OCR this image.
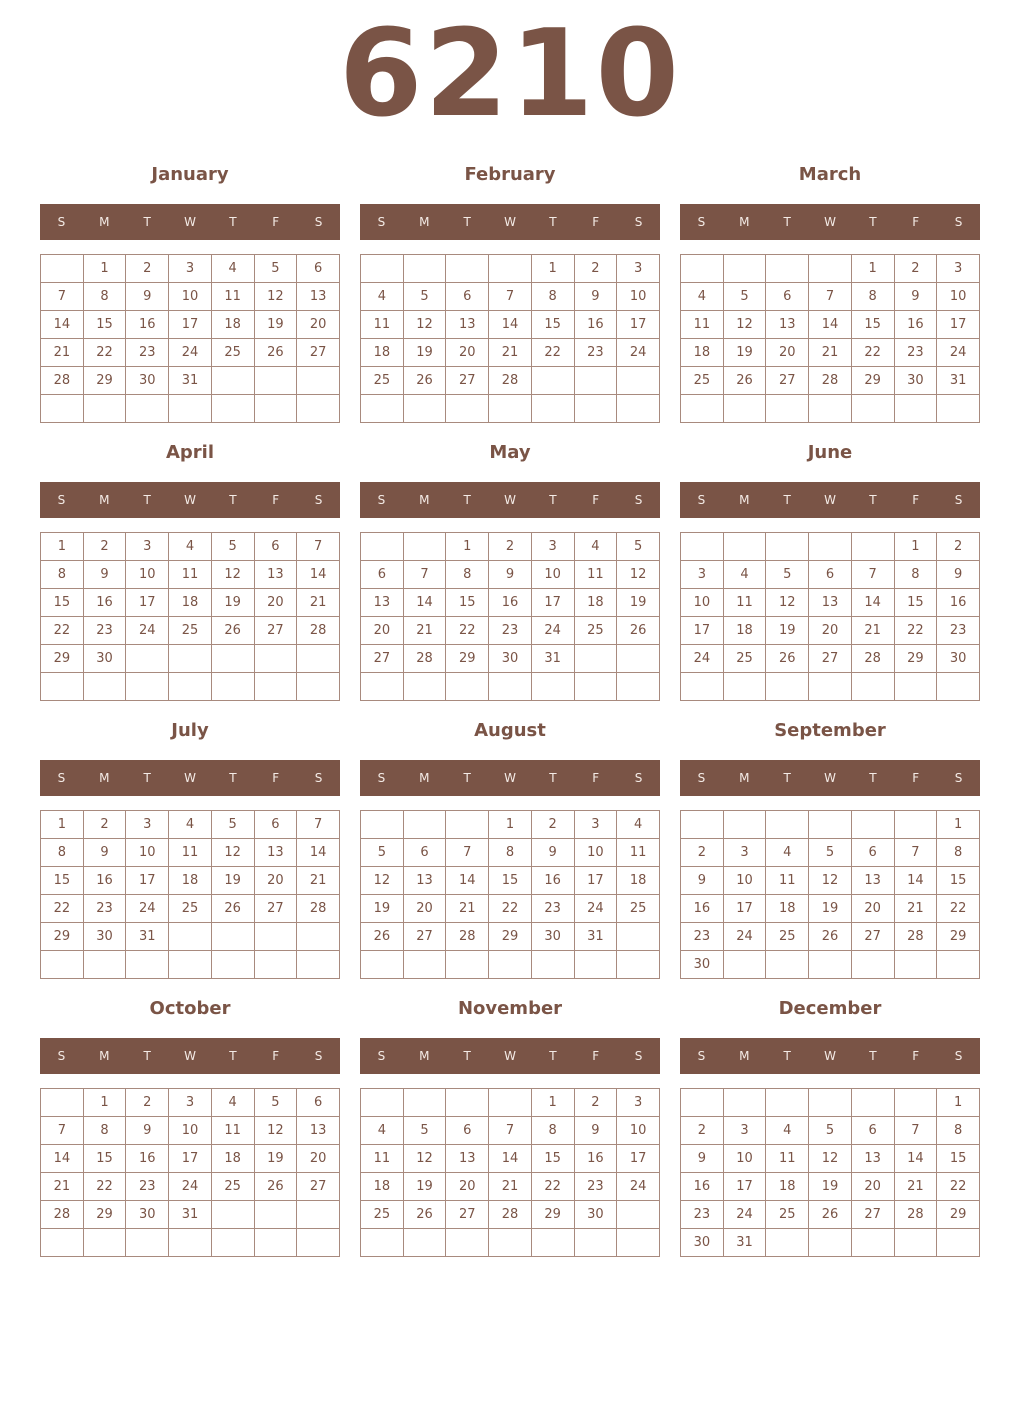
6210
January
S	M	T	W	T	F	S
	1	2	3	4	5	6
7	8	9	10	11	12	13
14	15	16	17	18	19	20
21	22	23	24	25	26	27
28	29	30	31			

February
S	M	T	W	T	F	S
				1	2	3
4	5	6	7	8	9	10
11	12	13	14	15	16	17
18	19	20	21	22	23	24
25	26	27	28			

March
S	M	T	W	T	F	S
				1	2	3
4	5	6	7	8	9	10
11	12	13	14	15	16	17
18	19	20	21	22	23	24
25	26	27	28	29	30	31

April
S	M	T	W	T	F	S
1	2	3	4	5	6	7
8	9	10	11	12	13	14
15	16	17	18	19	20	21
22	23	24	25	26	27	28
29	30					

May
S	M	T	W	T	F	S
		1	2	3	4	5
6	7	8	9	10	11	12
13	14	15	16	17	18	19
20	21	22	23	24	25	26
27	28	29	30	31		

June
S	M	T	W	T	F	S
					1	2
3	4	5	6	7	8	9
10	11	12	13	14	15	16
17	18	19	20	21	22	23
24	25	26	27	28	29	30

July
S	M	T	W	T	F	S
1	2	3	4	5	6	7
8	9	10	11	12	13	14
15	16	17	18	19	20	21
22	23	24	25	26	27	28
29	30	31				

August
S	M	T	W	T	F	S
			1	2	3	4
5	6	7	8	9	10	11
12	13	14	15	16	17	18
19	20	21	22	23	24	25
26	27	28	29	30	31	

September
S	M	T	W	T	F	S
						1
2	3	4	5	6	7	8
9	10	11	12	13	14	15
16	17	18	19	20	21	22
23	24	25	26	27	28	29
30						
October
S	M	T	W	T	F	S
	1	2	3	4	5	6
7	8	9	10	11	12	13
14	15	16	17	18	19	20
21	22	23	24	25	26	27
28	29	30	31			

November
S	M	T	W	T	F	S
				1	2	3
4	5	6	7	8	9	10
11	12	13	14	15	16	17
18	19	20	21	22	23	24
25	26	27	28	29	30	

December
S	M	T	W	T	F	S
						1
2	3	4	5	6	7	8
9	10	11	12	13	14	15
16	17	18	19	20	21	22
23	24	25	26	27	28	29
30	31					
